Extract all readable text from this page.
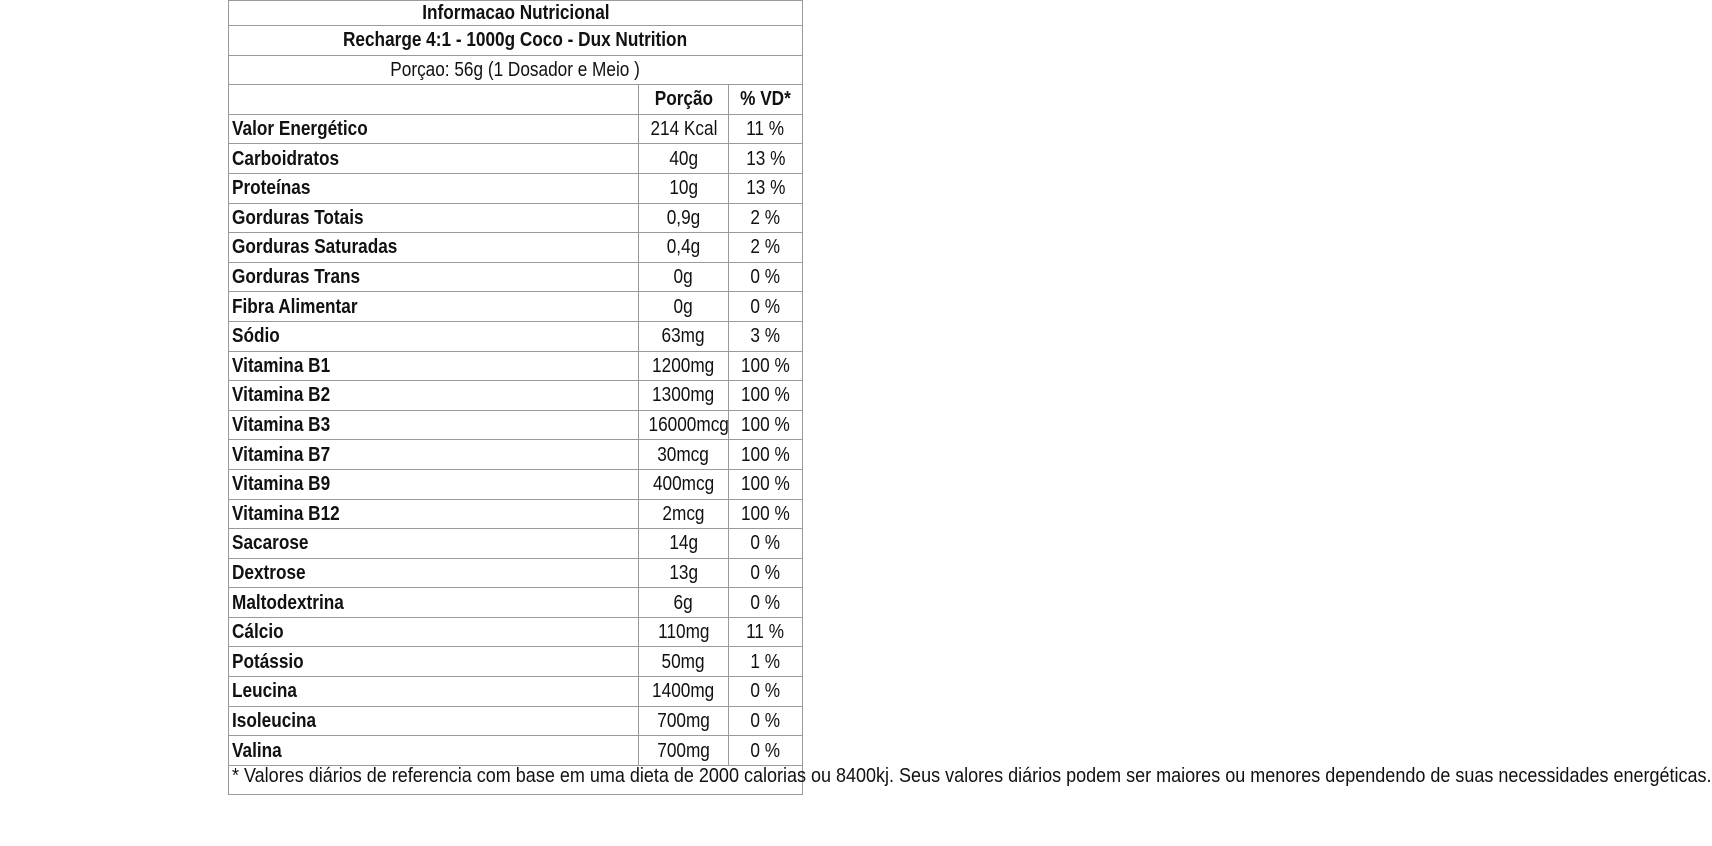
Informacao Nutricional		
Recharge 4:1 - 1000g Coco - Dux Nutrition		
Porçao: 56g (1 Dosador e Meio )		
	Porção	% VD*
Valor Energético	214 Kcal	11 %
Carboidratos	40g	13 %
Proteínas	10g	13 %
Gorduras Totais	0,9g	2 %
Gorduras Saturadas	0,4g	2 %
Gorduras Trans	0g	0 %
Fibra Alimentar	0g	0 %
Sódio	63mg	3 %
Vitamina B1	1200mg	100 %
Vitamina B2	1300mg	100 %
Vitamina B3	16000mcg	100 %
Vitamina B7	30mcg	100 %
Vitamina B9	400mcg	100 %
Vitamina B12	2mcg	100 %
Sacarose	14g	0 %
Dextrose	13g	0 %
Maltodextrina	6g	0 %
Cálcio	110mg	11 %
Potássio	50mg	1 %
Leucina	1400mg	0 %
Isoleucina	700mg	0 %
Valina	700mg	0 %

* Valores diários de referencia com base em uma dieta de 2000 calorias ou 8400kj. Seus valores diários podem ser maiores ou menores dependendo de suas necessidades energéticas.		
